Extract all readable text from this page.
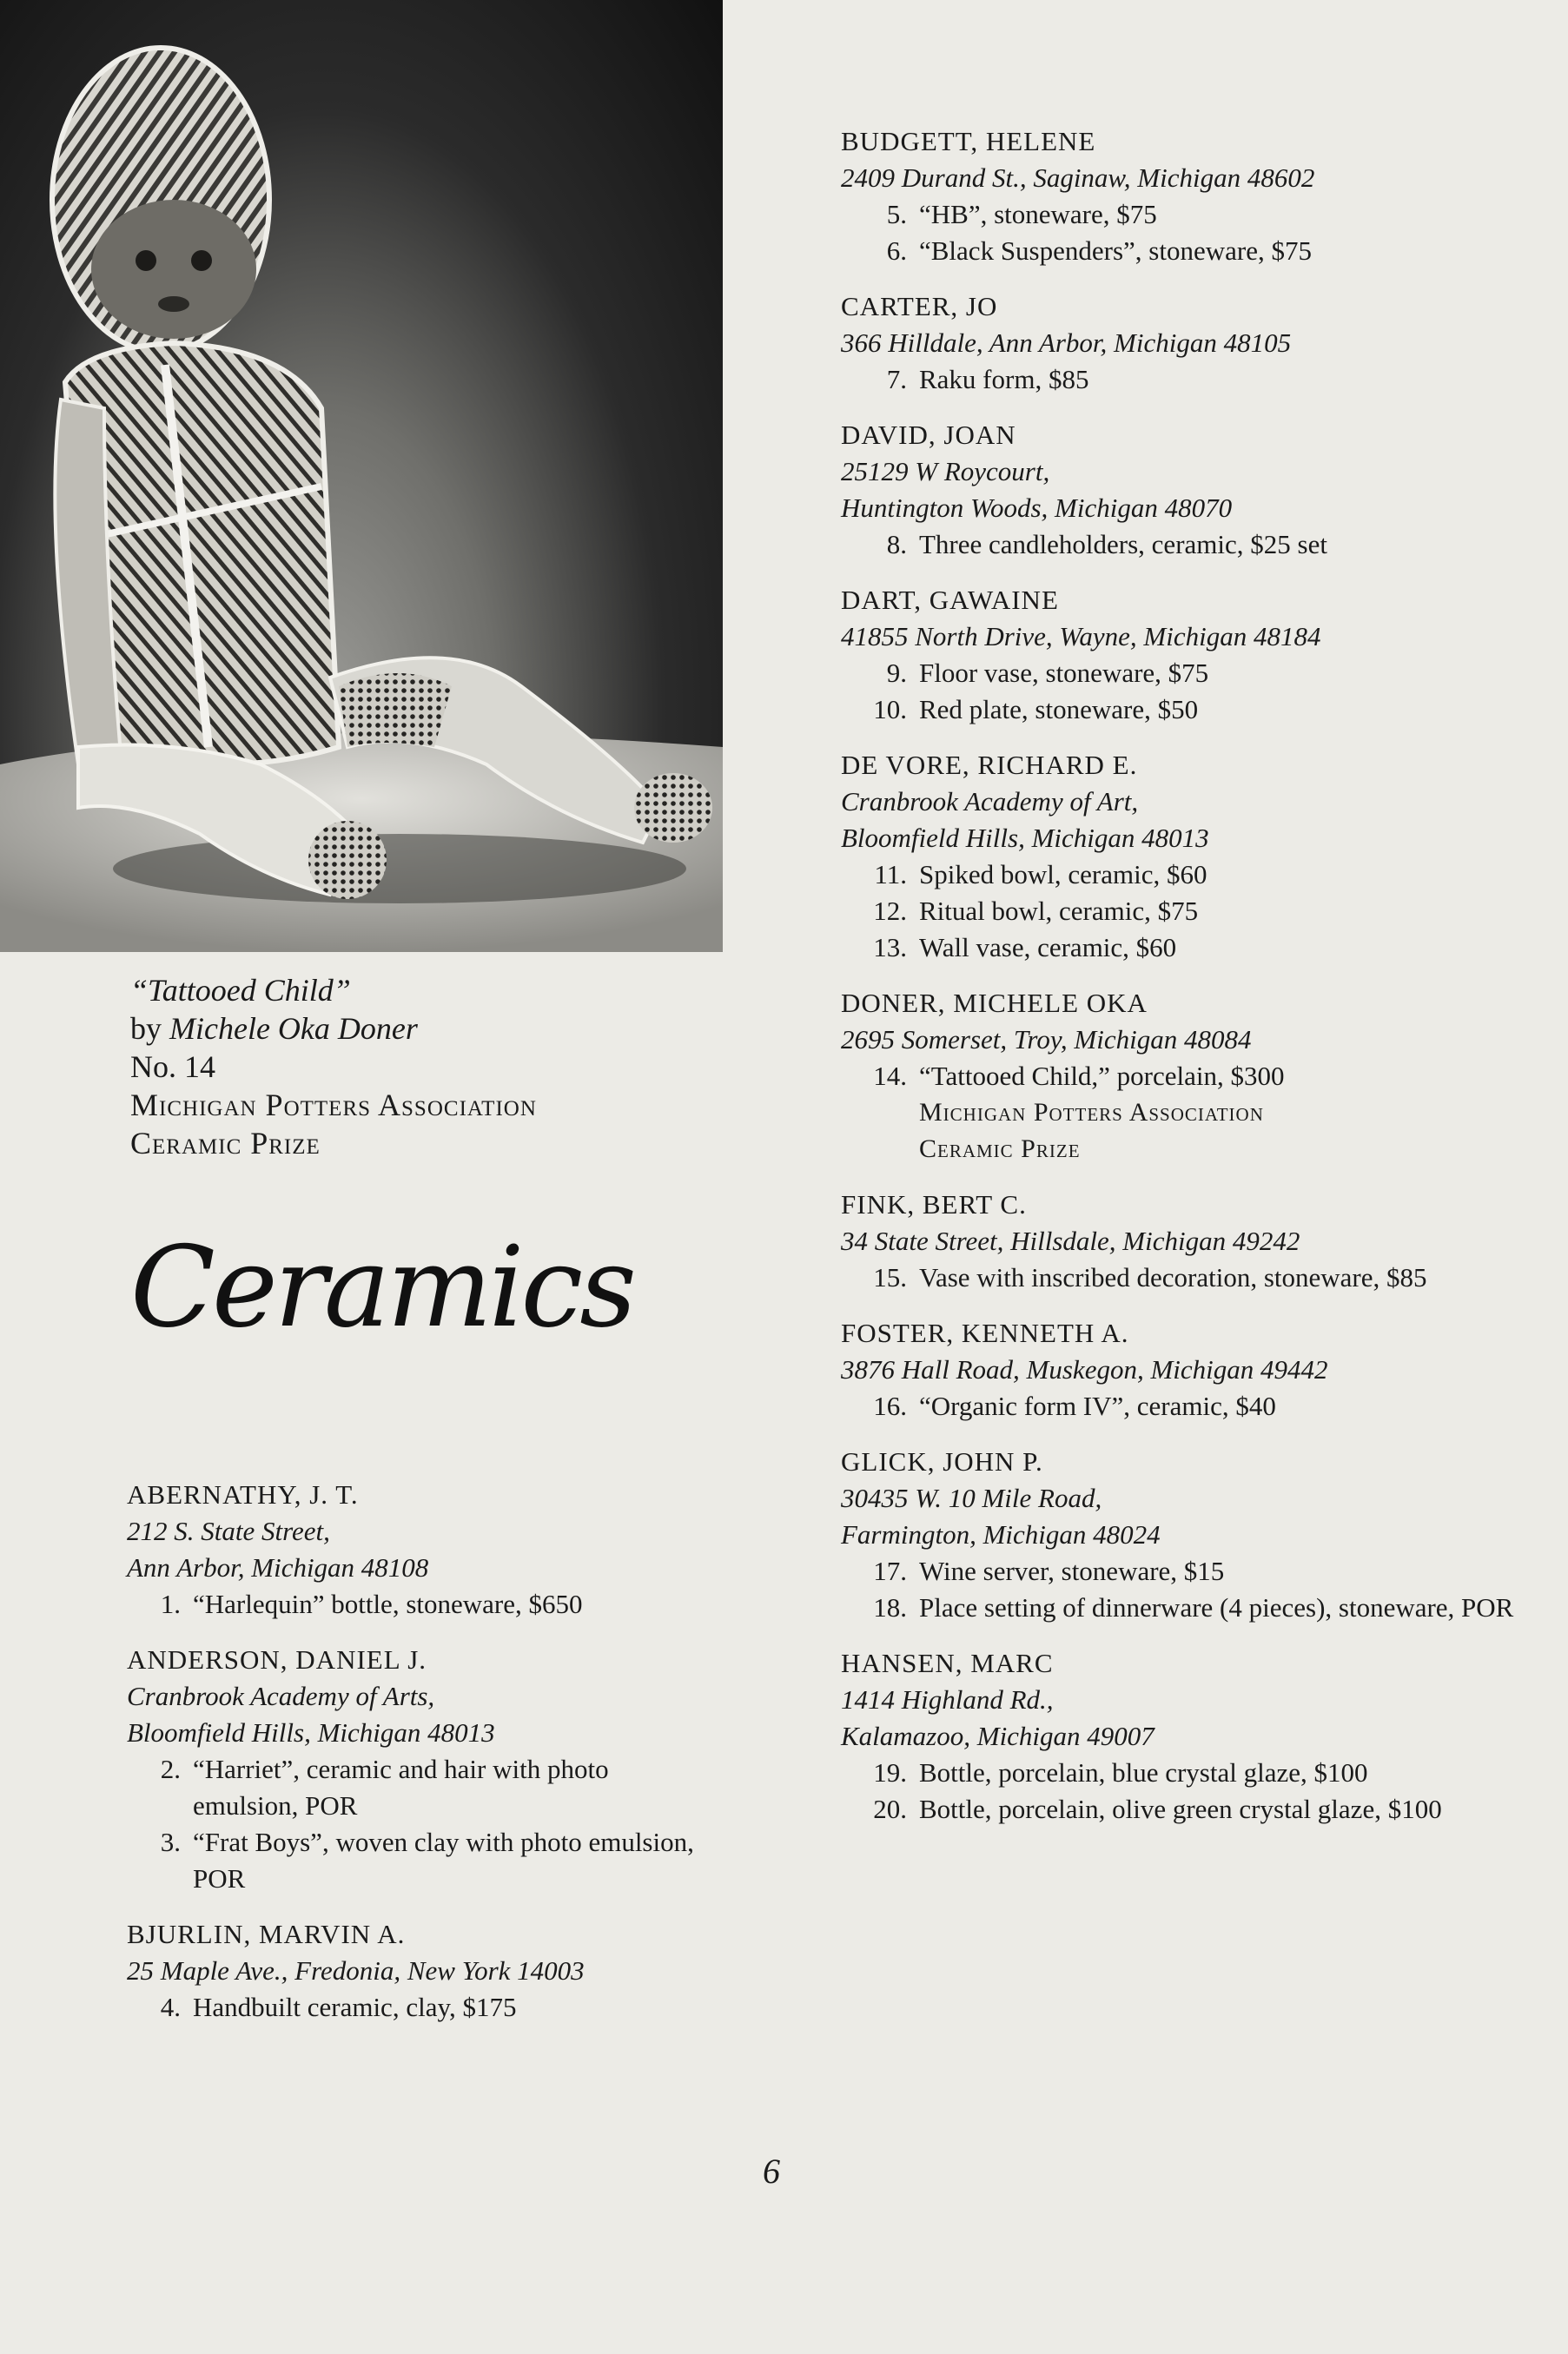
“Tattooed Child”
by Michele Oka Doner
No. 14
Michigan Potters Association
Ceramic Prize
Ceramics
ABERNATHY, J. T.
212 S. State Street,
Ann Arbor, Michigan 48108
1. “Harlequin” bottle, stoneware, $650
ANDERSON, DANIEL J.
Cranbrook Academy of Arts,
Bloomfield Hills, Michigan 48013
2. “Harriet”, ceramic and hair with photo emulsion, POR
3. “Frat Boys”, woven clay with photo emulsion, POR
BJURLIN, MARVIN A.
25 Maple Ave., Fredonia, New York 14003
4. Handbuilt ceramic, clay, $175
BUDGETT, HELENE
2409 Durand St., Saginaw, Michigan 48602
5. “HB”, stoneware, $75
6. “Black Suspenders”, stoneware, $75
CARTER, JO
366 Hilldale, Ann Arbor, Michigan 48105
7. Raku form, $85
DAVID, JOAN
25129 W Roycourt,
Huntington Woods, Michigan 48070
8. Three candleholders, ceramic, $25 set
DART, GAWAINE
41855 North Drive, Wayne, Michigan 48184
9. Floor vase, stoneware, $75
10. Red plate, stoneware, $50
DE VORE, RICHARD E.
Cranbrook Academy of Art,
Bloomfield Hills, Michigan 48013
11. Spiked bowl, ceramic, $60
12. Ritual bowl, ceramic, $75
13. Wall vase, ceramic, $60
DONER, MICHELE OKA
2695 Somerset, Troy, Michigan 48084
14. “Tattooed Child,” porcelain, $300
Michigan Potters Association
Ceramic Prize
FINK, BERT C.
34 State Street, Hillsdale, Michigan 49242
15. Vase with inscribed decoration, stoneware, $85
FOSTER, KENNETH A.
3876 Hall Road, Muskegon, Michigan 49442
16. “Organic form IV”, ceramic, $40
GLICK, JOHN P.
30435 W. 10 Mile Road,
Farmington, Michigan 48024
17. Wine server, stoneware, $15
18. Place setting of dinnerware (4 pieces), stoneware, POR
HANSEN, MARC
1414 Highland Rd.,
Kalamazoo, Michigan 49007
19. Bottle, porcelain, blue crystal glaze, $100
20. Bottle, porcelain, olive green crystal glaze, $100
6
